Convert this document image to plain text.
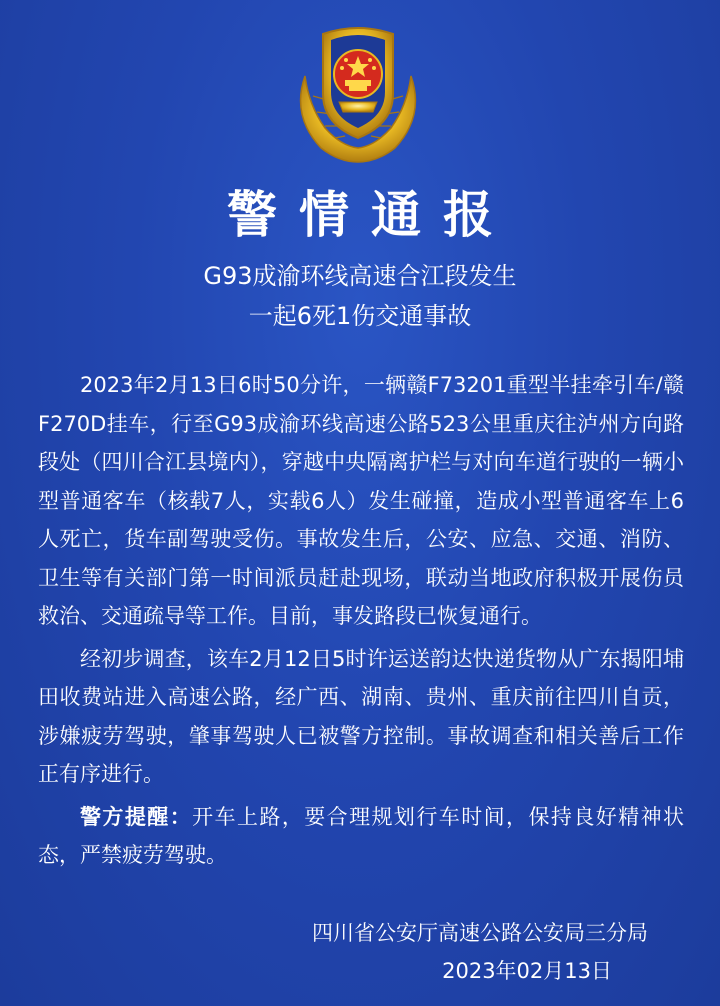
警情通报
G93成渝环线高速合江段发生
一起6死1伤交通事故

2023年2月13日6时50分许，一辆赣F73201重型半挂牵引车/赣F270D挂车，行至G93成渝环线高速公路523公里重庆往泸州方向路段处（四川合江县境内），穿越中央隔离护栏与对向车道行驶的一辆小型普通客车（核载7人，实载6人）发生碰撞，造成小型普通客车上6人死亡，货车副驾驶受伤。事故发生后，公安、应急、交通、消防、卫生等有关部门第一时间派员赶赴现场，联动当地政府积极开展伤员救治、交通疏导等工作。目前，事发路段已恢复通行。

经初步调查，该车2月12日5时许运送韵达快递货物从广东揭阳埔田收费站进入高速公路，经广西、湖南、贵州、重庆前往四川自贡，涉嫌疲劳驾驶，肇事驾驶人已被警方控制。事故调查和相关善后工作正有序进行。

警方提醒：开车上路，要合理规划行车时间，保持良好精神状态，严禁疲劳驾驶。

四川省公安厅高速公路公安局三分局
2023年02月13日
